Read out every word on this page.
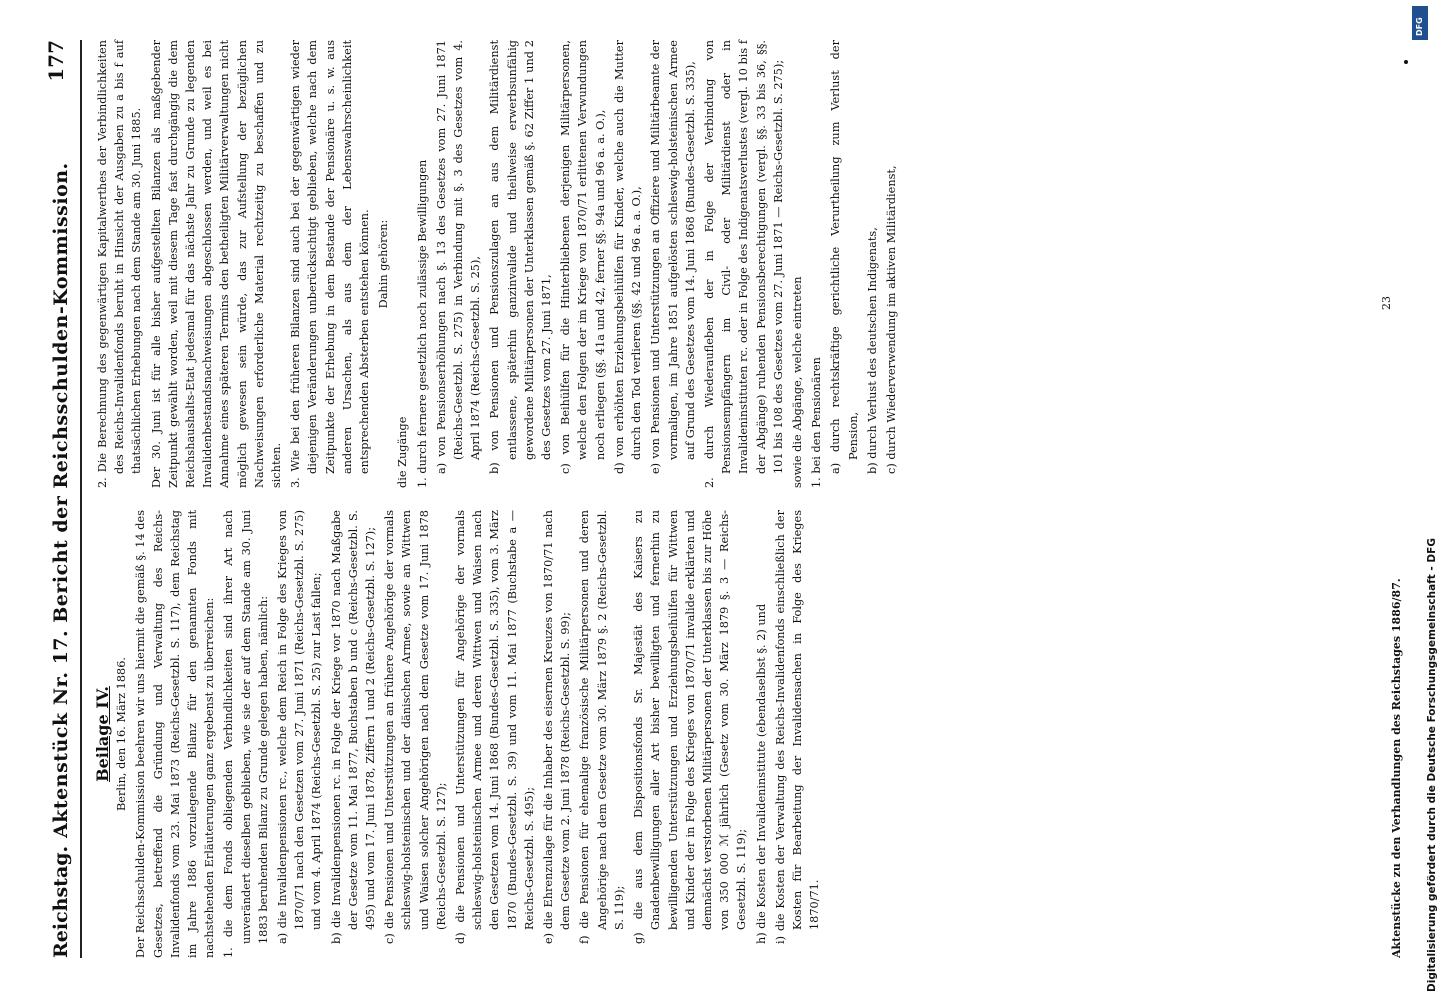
Reichstag.
Aktenstück Nr. 17. Bericht der Reichsschulden-Kommission.
177

Beilage IV. Berlin, den 16. März 1886. Der Reichsschulden-Kommission beehren wir uns hiermit die gemäß §. 14 des Gesetzes, betreffend die Gründung und Verwaltung des Reichs-Invalidenfonds vom 23. Mai 1873 (Reichs-Gesetzbl. S. 117), dem Reichstag im Jahre 1886 vorzulegende Bilanz für den genannten Fonds mit nachstehenden Erläuterungen ganz ergebenst zu überreichen: 1. die dem Fonds obliegenden Verbindlichkeiten sind ihrer Art nach unverändert dieselben geblieben, wie sie der auf dem Stande am 30. Juni 1883 beruhenden Bilanz zu Grunde gelegen haben, nämlich: a) die Invalidenpensionen rc., welche dem Reich in Folge des Krieges von 1870/71 nach den Gesetzen vom 27. Juni 1871 (Reichs-Gesetzbl. S. 275) und vom 4. April 1874 (Reichs-Gesetzbl. S. 25) zur Last fallen; b) die Invalidenpensionen rc. in Folge der Kriege vor 1870 nach Maßgabe der Gesetze vom 11. Mai 1877, Buchstaben b und c (Reichs-Gesetzbl. S. 495) und vom 17. Juni 1878, Ziffern 1 und 2 (Reichs-Gesetzbl. S. 127); c) die Pensionen und Unterstützungen an frühere Angehörige der vormals schleswig-holsteinischen und der dänischen Armee, sowie an Wittwen und Waisen solcher Angehörigen nach dem Gesetze vom 17. Juni 1878 (Reichs-Gesetzbl. S. 127); d) die Pensionen und Unterstützungen für Angehörige der vormals schleswig-holsteinischen Armee und deren Wittwen und Waisen nach den Gesetzen vom 14. Juni 1868 (Bundes-Gesetzbl. S. 335), vom 3. März 1870 (Bundes-Gesetzbl. S. 39) und vom 11. Mai 1877 (Buchstabe a — Reichs-Gesetzbl. S. 495); e) die Ehrenzulage für die Inhaber des eisernen Kreuzes von 1870/71 nach dem Gesetze vom 2. Juni 1878 (Reichs-Gesetzbl. S. 99); f) die Pensionen für ehemalige französische Militärpersonen und deren Angehörige nach dem Gesetze vom 30. März 1879 §. 2 (Reichs-Gesetzbl. S. 119); g) die aus dem Dispositionsfonds Sr. Majestät des Kaisers zu Gnadenbewilligungen aller Art bisher bewilligten und fernerhin zu bewilligenden Unterstützungen und Erziehungsbeihülfen für Wittwen und Kinder der in Folge des Krieges von 1870/71 invalide erklärten und demnächst verstorbenen Militärpersonen der Unterklassen bis zur Höhe von 350 000 ℳ jährlich (Gesetz vom 30. März 1879 §. 3 — Reichs-Gesetzbl. S. 119); h) die Kosten der Invalideninstitute (ebendaselbst §. 2) und i) die Kosten der Verwaltung des Reichs-Invalidenfonds einschließlich der Kosten für Bearbeitung der Invalidensachen in Folge des Krieges 1870/71.

2. Die Berechnung des gegenwärtigen Kapitalwerthes der Verbindlichkeiten des Reichs-Invalidenfonds beruht in Hinsicht der Ausgaben zu a bis f auf thatsächlichen Erhebungen nach dem Stande am 30. Juni 1885. Der 30. Juni ist für alle bisher aufgestellten Bilanzen als maßgebender Zeitpunkt gewählt worden, weil mit diesem Tage fast durchgängig die dem Reichshaushalts-Etat jedesmal für das nächste Jahr zu Grunde zu legenden Invalidenbestandsnachweisungen abgeschlossen werden, und weil es bei Annahme eines späteren Termins den betheiligten Militärverwaltungen nicht möglich gewesen sein würde, das zur Aufstellung der bezüglichen Nachweisungen erforderliche Material rechtzeitig zu beschaffen und zu sichten. 3. Wie bei den früheren Bilanzen sind auch bei der gegenwärtigen wieder diejenigen Veränderungen unberücksichtigt geblieben, welche nach dem Zeitpunkte der Erhebung in dem Bestande der Pensionäre u. s. w. aus anderen Ursachen, als aus dem der Lebenswahrscheinlichkeit entsprechenden Absterben entstehen können. Dahin gehören:

die Zugänge 1. durch fernere gesetzlich noch zulässige Bewilligungen a) von Pensionserhöhungen nach §. 13 des Gesetzes vom 27. Juni 1871 (Reichs-Gesetzbl. S. 275) in Verbindung mit §. 3 des Gesetzes vom 4. April 1874 (Reichs-Gesetzbl. S. 25), b) von Pensionen und Pensionszulagen an aus dem Militärdienst entlassene, späterhin ganzinvalide und theilweise erwerbsunfähig gewordene Militärpersonen der Unterklassen gemäß §. 62 Ziffer 1 und 2 des Gesetzes vom 27. Juni 1871, c) von Beihülfen für die Hinterbliebenen derjenigen Militärpersonen, welche den Folgen der im Kriege von 1870/71 erlittenen Verwundungen noch erliegen (§§. 41a und 42, ferner §§. 94a und 96 a. a. O.), d) von erhöhten Erziehungsbeihülfen für Kinder, welche auch die Mutter durch den Tod verlieren (§§. 42 und 96 a. a. O.), e) von Pensionen und Unterstützungen an Offiziere und Militärbeamte der vormaligen, im Jahre 1851 aufgelösten schleswig-holsteinischen Armee auf Grund des Gesetzes vom 14. Juni 1868 (Bundes-Gesetzbl. S. 335), 2. durch Wiederaufleben der in Folge der Verbindung von Pensionsempfängern im Civil- oder Militärdienst oder in Invalideninstituten rc. oder in Folge des Indigenatsverlustes (vergl. 10 bis f der Abgänge) ruhenden Pensionsberechtigungen (vergl. §§. 33 bis 36, §§. 101 bis 108 des Gesetzes vom 27. Juni 1871 — Reichs-Gesetzbl. S. 275); sowie die Abgänge, welche eintreten 1. bei den Pensionären a) durch rechtskräftige gerichtliche Verurtheilung zum Verlust der Pension, b) durch Verlust des deutschen Indigenats, c) durch Wiederverwendung im aktiven Militärdienst,

Aktenstücke zu den Verhandlungen des Reichstages 1886/87.
23
Digitalisierung gefördert durch die Deutsche Forschungsgemeinschaft - DFG
DFG
